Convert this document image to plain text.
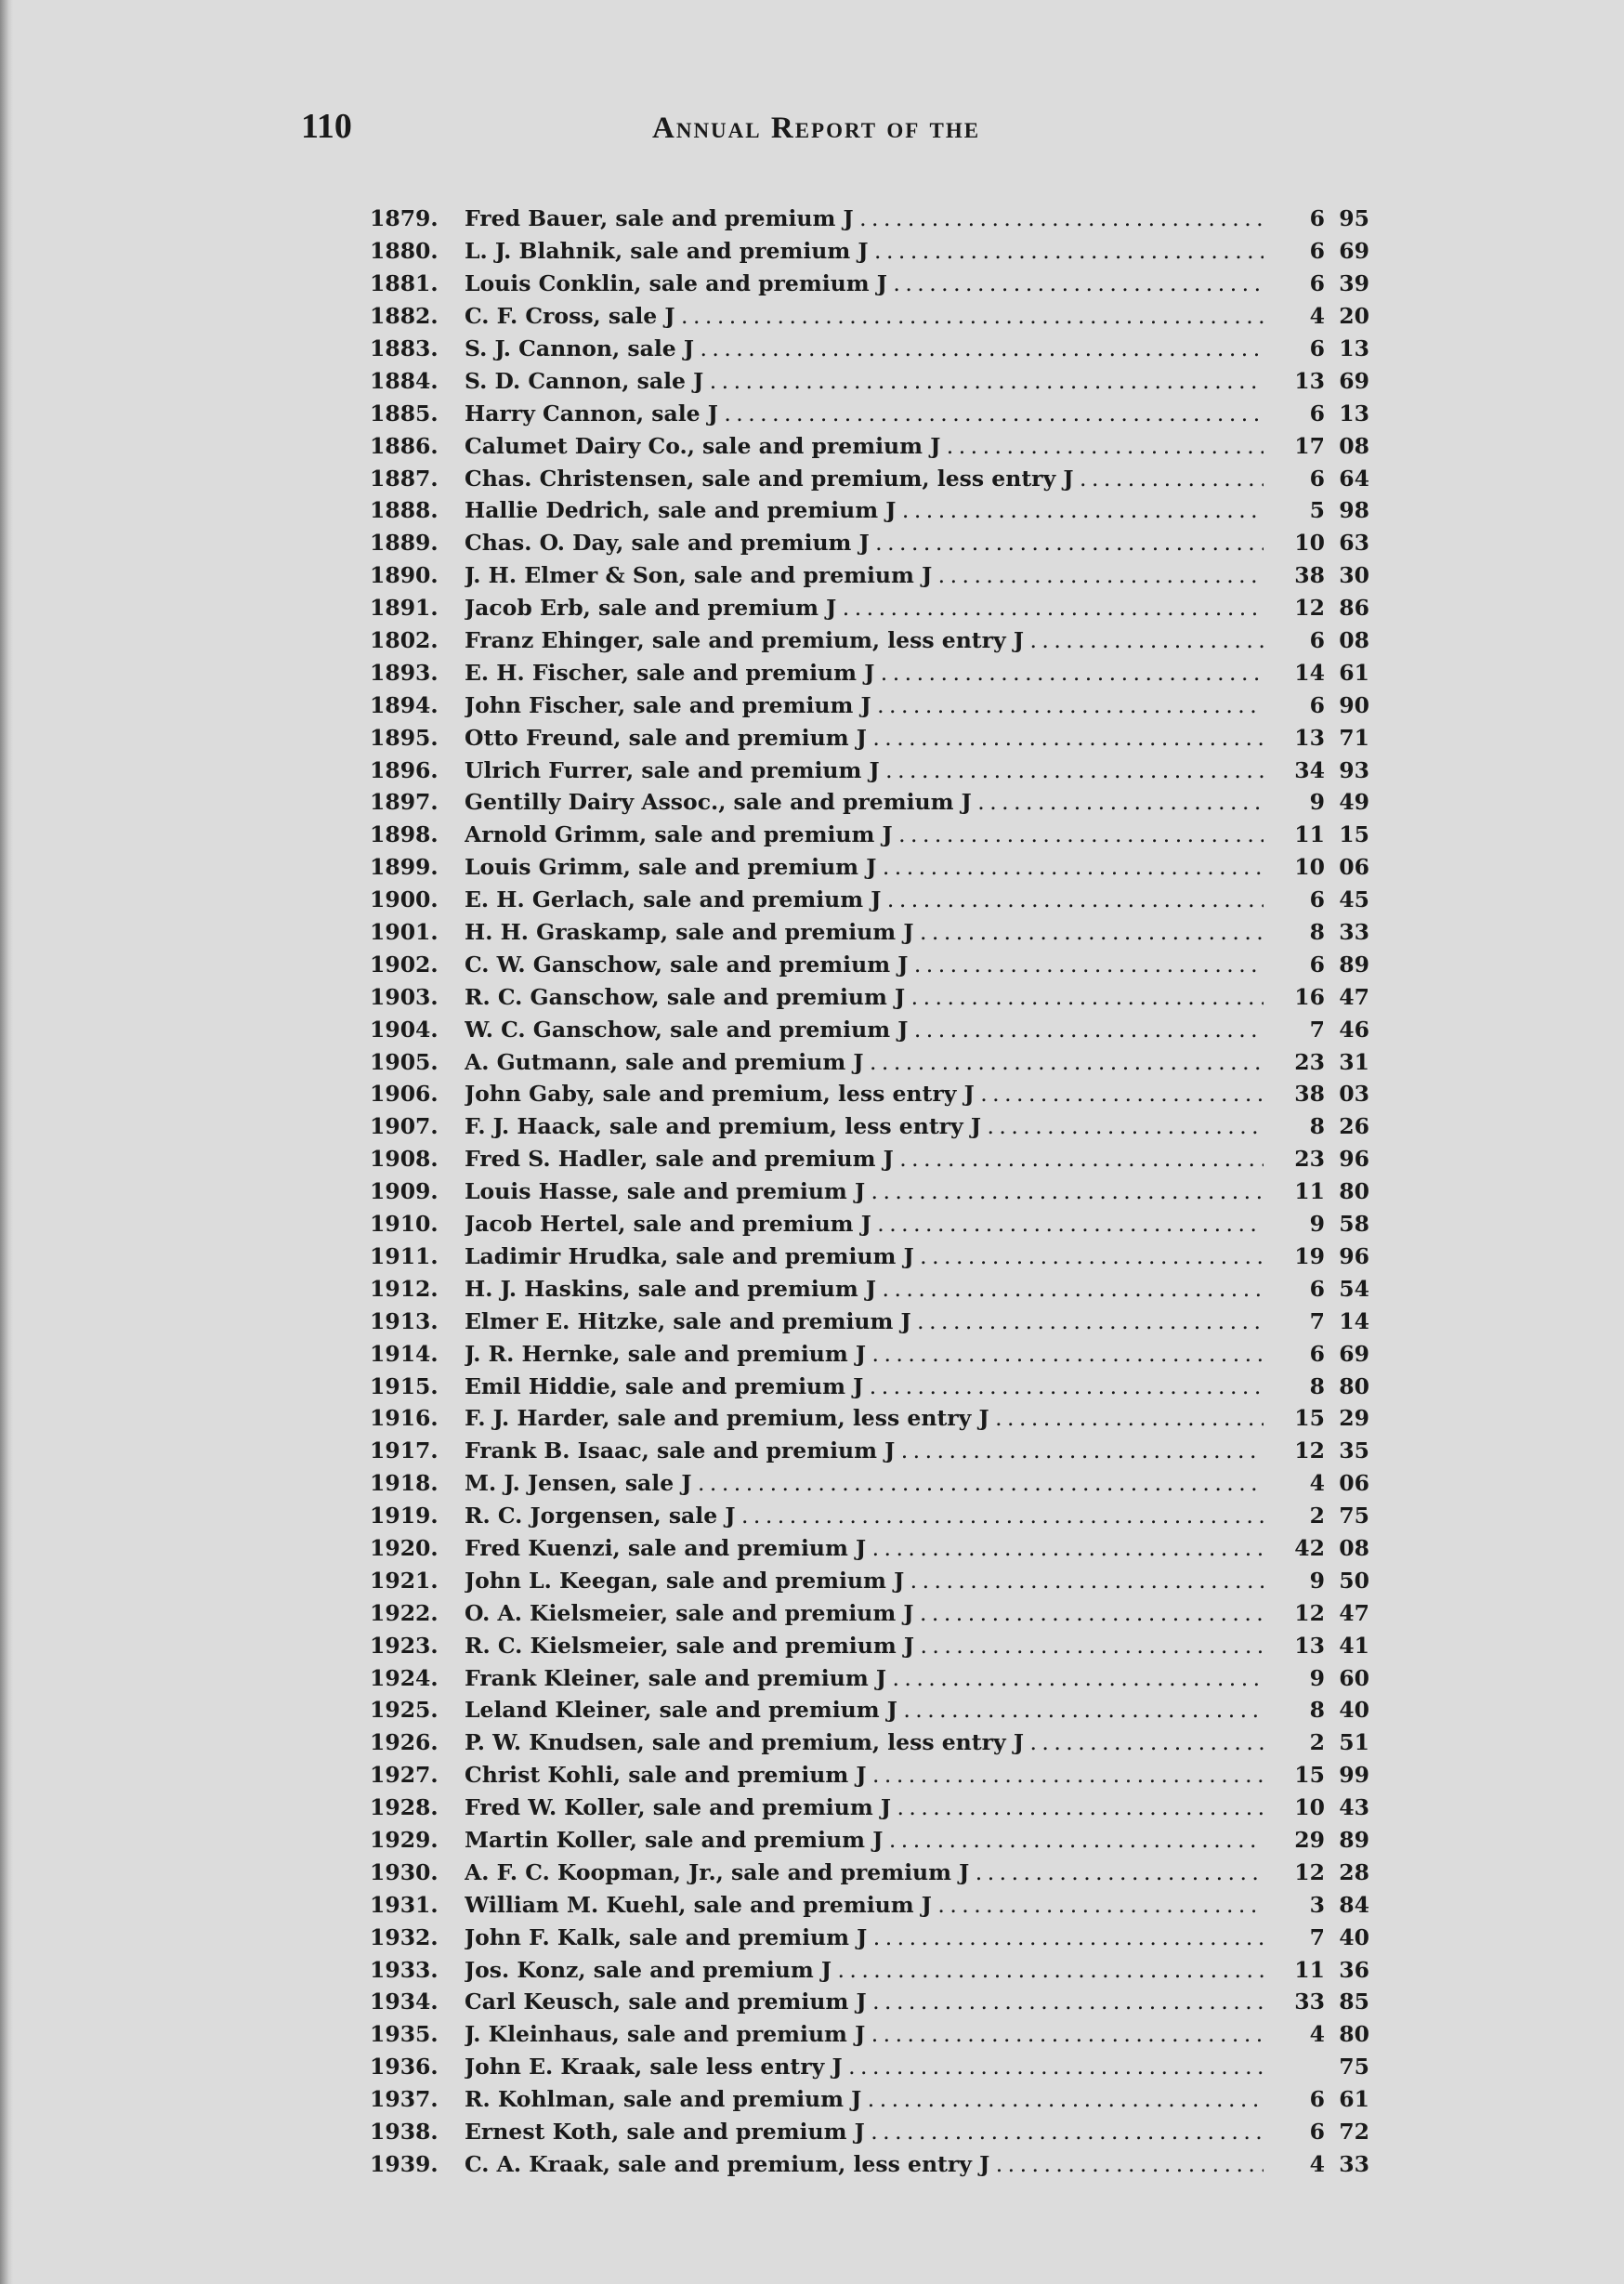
110	Annual Report of the
1879.	Fred Bauer, sale and premium J . . .	6 95
1880.	L. J. Blahnik, sale and premium J . . .	6 69
1881.	Louis Conklin, sale and premium J . . .	6 39
1882.	C. F. Cross, sale J . . .	4 20
1883.	S. J. Cannon, sale J . . .	6 13
1884.	S. D. Cannon, sale J . . .	13 69
1885.	Harry Cannon, sale J . . .	6 13
1886.	Calumet Dairy Co., sale and premium J . . .	17 08
1887.	Chas. Christensen, sale and premium, less entry J . . .	6 64
1888.	Hallie Dedrich, sale and premium J . . .	5 98
1889.	Chas. O. Day, sale and premium J . . .	10 63
1890.	J. H. Elmer & Son, sale and premium J . . .	38 30
1891.	Jacob Erb, sale and premium J . . .	12 86
1802.	Franz Ehinger, sale and premium, less entry J . . .	6 08
1893.	E. H. Fischer, sale and premium J . . .	14 61
1894.	John Fischer, sale and premium J . . .	6 90
1895.	Otto Freund, sale and premium J . . .	13 71
1896.	Ulrich Furrer, sale and premium J . . .	34 93
1897.	Gentilly Dairy Assoc., sale and premium J . . .	9 49
1898.	Arnold Grimm, sale and premium J . . .	11 15
1899.	Louis Grimm, sale and premium J . . .	10 06
1900.	E. H. Gerlach, sale and premium J . . .	6 45
1901.	H. H. Graskamp, sale and premium J . . .	8 33
1902.	C. W. Ganschow, sale and premium J . . .	6 89
1903.	R. C. Ganschow, sale and premium J . . .	16 47
1904.	W. C. Ganschow, sale and premium J . . .	7 46
1905.	A. Gutmann, sale and premium J . . .	23 31
1906.	John Gaby, sale and premium, less entry J . . .	38 03
1907.	F. J. Haack, sale and premium, less entry J . . .	8 26
1908.	Fred S. Hadler, sale and premium J . . .	23 96
1909.	Louis Hasse, sale and premium J . . .	11 80
1910.	Jacob Hertel, sale and premium J . . .	9 58
1911.	Ladimir Hrudka, sale and premium J . . .	19 96
1912.	H. J. Haskins, sale and premium J . . .	6 54
1913.	Elmer E. Hitzke, sale and premium J . . .	7 14
1914.	J. R. Hernke, sale and premium J . . .	6 69
1915.	Emil Hiddie, sale and premium J . . .	8 80
1916.	F. J. Harder, sale and premium, less entry J . . .	15 29
1917.	Frank B. Isaac, sale and premium J . . .	12 35
1918.	M. J. Jensen, sale J . . .	4 06
1919.	R. C. Jorgensen, sale J . . .	2 75
1920.	Fred Kuenzi, sale and premium J . . .	42 08
1921.	John L. Keegan, sale and premium J . . .	9 50
1922.	O. A. Kielsmeier, sale and premium J . . .	12 47
1923.	R. C. Kielsmeier, sale and premium J . . .	13 41
1924.	Frank Kleiner, sale and premium J . . .	9 60
1925.	Leland Kleiner, sale and premium J . . .	8 40
1926.	P. W. Knudsen, sale and premium, less entry J . . .	2 51
1927.	Christ Kohli, sale and premium J . . .	15 99
1928.	Fred W. Koller, sale and premium J . . .	10 43
1929.	Martin Koller, sale and premium J . . .	29 89
1930.	A. F. C. Koopman, Jr., sale and premium J . . .	12 28
1931.	William M. Kuehl, sale and premium J . . .	3 84
1932.	John F. Kalk, sale and premium J . . .	7 40
1933.	Jos. Konz, sale and premium J . . .	11 36
1934.	Carl Keusch, sale and premium J . . .	33 85
1935.	J. Kleinhaus, sale and premium J . . .	4 80
1936.	John E. Kraak, sale less entry J . . .	75
1937.	R. Kohlman, sale and premium J . . .	6 61
1938.	Ernest Koth, sale and premium J . . .	6 72
1939.	C. A. Kraak, sale and premium, less entry J . . .	4 33
